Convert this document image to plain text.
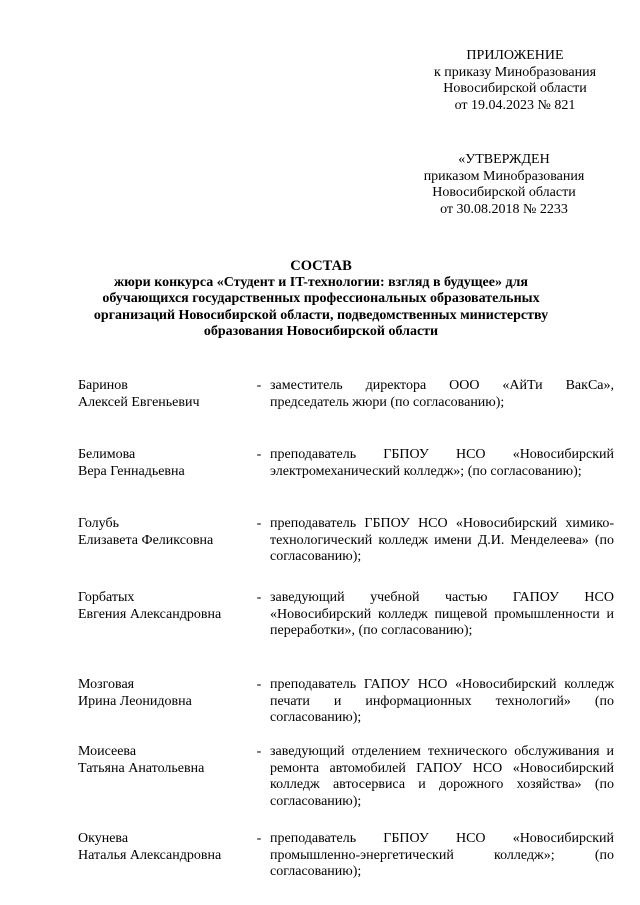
ПРИЛОЖЕНИЕ
к приказу Минобразования
Новосибирской области
от 19.04.2023 № 821
«УТВЕРЖДЕН
приказом Минобразования
Новосибирской области
от 30.08.2018 № 2233
СОСТАВ
жюри конкурса «Студент и IT-технологии: взгляд в будущее» для
обучающихся государственных профессиональных образовательных
организаций Новосибирской области, подведомственных министерству
образования Новосибирской области
Баринов
Алексей Евгеньевич
- заместитель директора ООО «АйТи ВакСа», председатель жюри (по согласованию);
Белимова
Вера Геннадьевна
- преподаватель ГБПОУ НСО «Новосибирский электромеханический колледж»; (по согласованию);
Голубь
Елизавета Феликсовна
- преподаватель ГБПОУ НСО «Новосибирский химико-технологический колледж имени Д.И. Менделеева» (по согласованию);
Горбатых
Евгения Александровна
- заведующий учебной частью ГАПОУ НСО «Новосибирский колледж пищевой промышленности и переработки», (по согласованию);
Мозговая
Ирина Леонидовна
- преподаватель ГАПОУ НСО «Новосибирский колледж печати и информационных технологий» (по согласованию);
Моисеева
Татьяна Анатольевна
- заведующий отделением технического обслуживания и ремонта автомобилей ГАПОУ НСО «Новосибирский колледж автосервиса и дорожного хозяйства» (по согласованию);
Окунева
Наталья Александровна
- преподаватель ГБПОУ НСО «Новосибирский промышленно-энергетический колледж»; (по согласованию);
